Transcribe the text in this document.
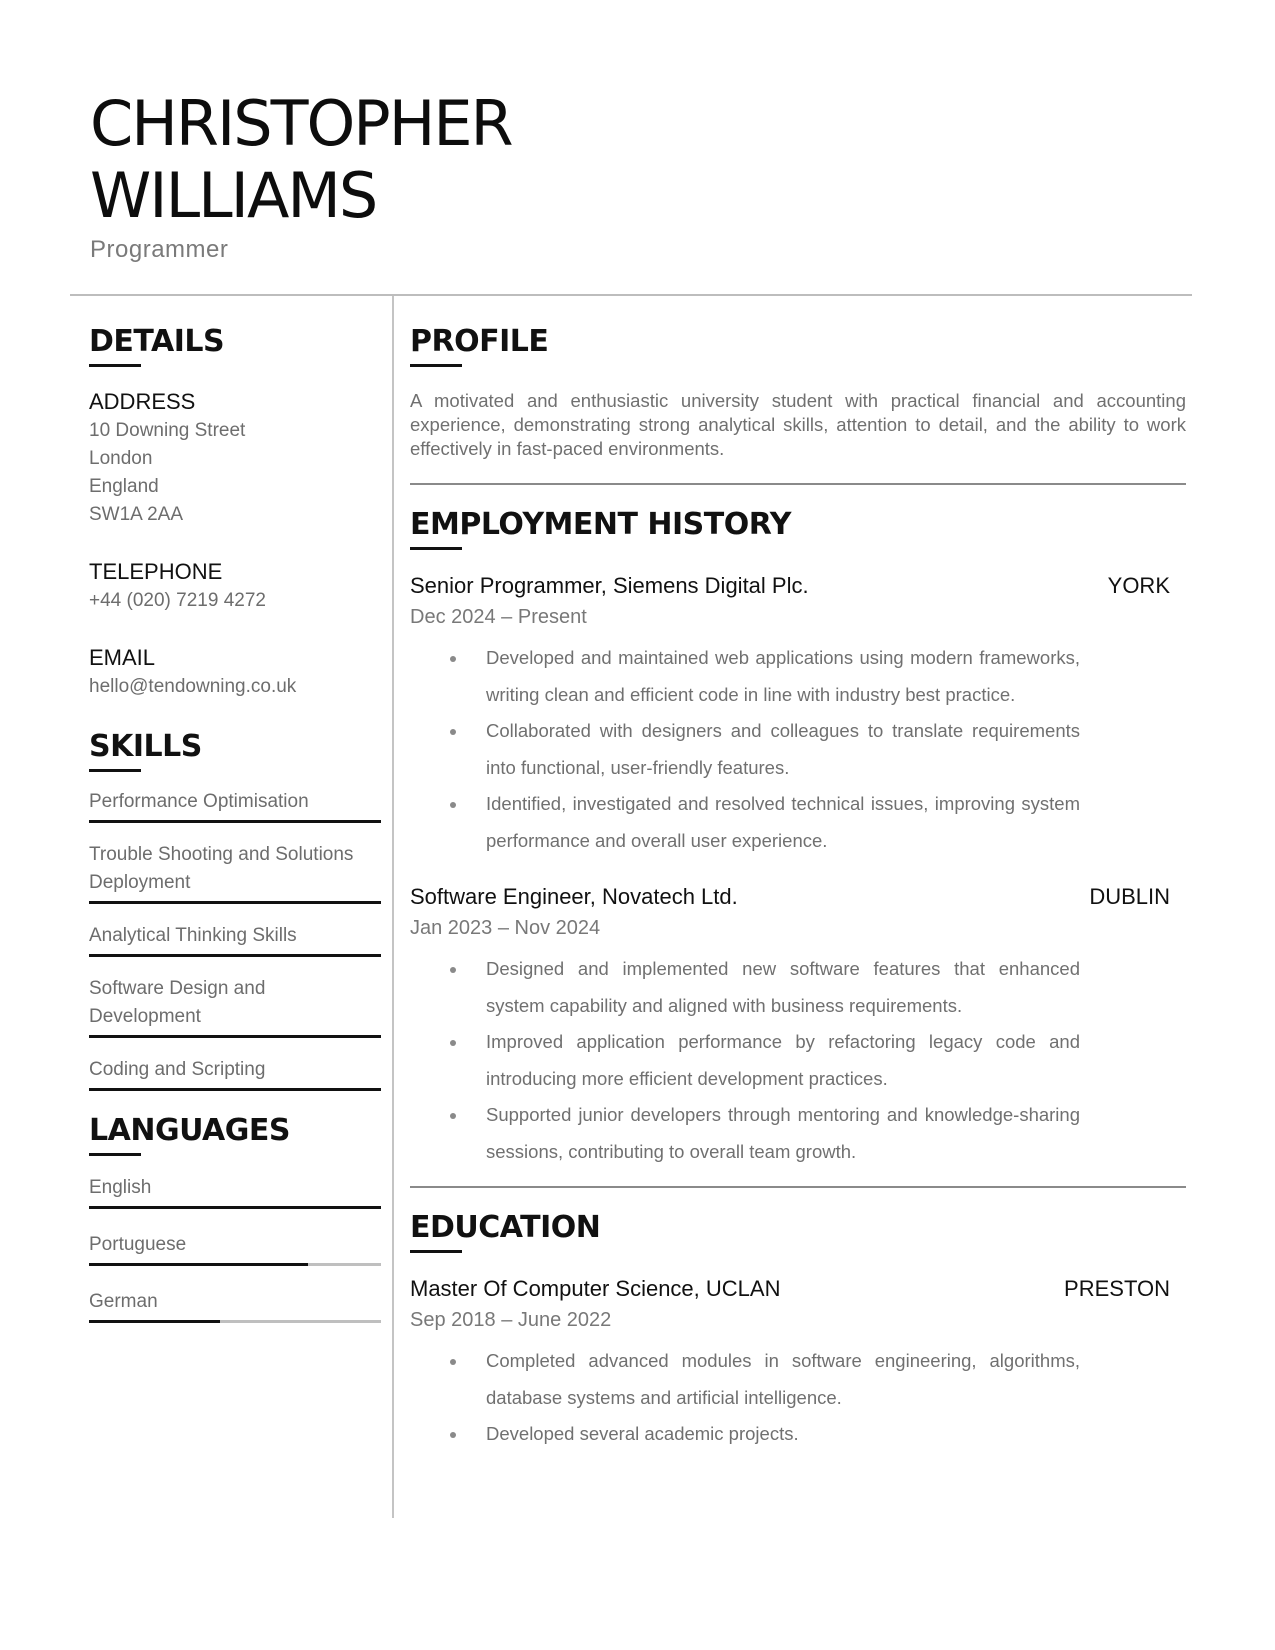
CHRISTOPHER
WILLIAMS
Programmer
DETAILS
ADDRESS
10 Downing Street
London
England
SW1A 2AA
TELEPHONE
+44 (020) 7219 4272
EMAIL
hello@tendowning.co.uk
SKILLS
Performance Optimisation
Trouble Shooting and Solutions Deployment
Analytical Thinking Skills
Software Design and Development
Coding and Scripting
LANGUAGES
English
Portuguese
German
PROFILE

A motivated and enthusiastic university student with practical financial and accounting experience, demonstrating strong analytical skills, attention to detail, and the ability to work effectively in fast-paced environments.

EMPLOYMENT HISTORY
Senior Programmer, Siemens Digital Plc.	YORK
Dec 2024 – Present
Developed and maintained web applications using modern frameworks, writing clean and efficient code in line with industry best practice.
Collaborated with designers and colleagues to translate requirements into functional, user-friendly features.
Identified, investigated and resolved technical issues, improving system performance and overall user experience.
Software Engineer, Novatech Ltd.	DUBLIN
Jan 2023 – Nov 2024
Designed and implemented new software features that enhanced system capability and aligned with business requirements.
Improved application performance by refactoring legacy code and introducing more efficient development practices.
Supported junior developers through mentoring and knowledge-sharing sessions, contributing to overall team growth.
EDUCATION
Master Of Computer Science, UCLAN	PRESTON
Sep 2018 – June 2022
Completed advanced modules in software engineering, algorithms, database systems and artificial intelligence.
Developed several academic projects.
